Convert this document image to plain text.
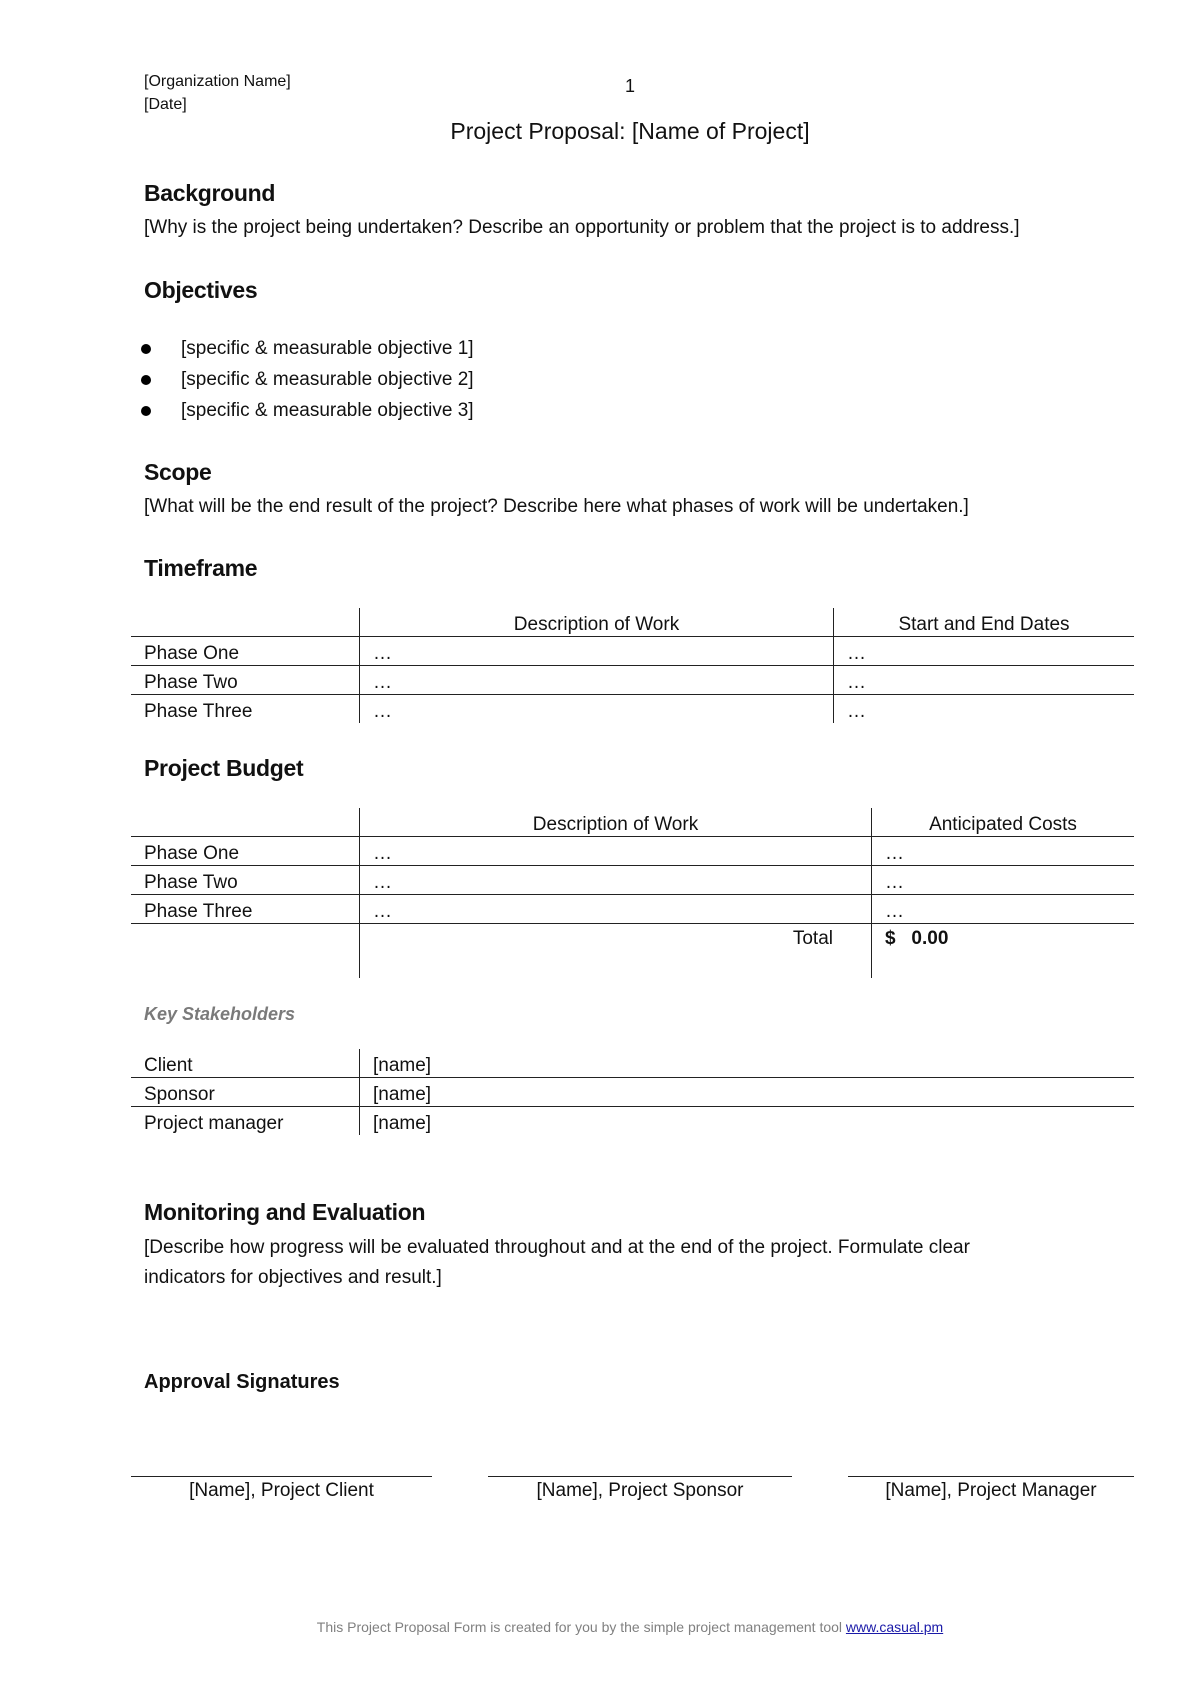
[Organization Name]
[Date]
1
Project Proposal: [Name of Project]
Background
[Why is the project being undertaken? Describe an opportunity or problem that the project is to address.]
Objectives
[specific & measurable objective 1]
[specific & measurable objective 2]
[specific & measurable objective 3]
Scope
[What will be the end result of the project? Describe here what phases of work will be undertaken.]
Timeframe
	Description of Work	Start and End Dates
Phase One	…	…
Phase Two	…	…
Phase Three	…	…
Project Budget
	Description of Work	Anticipated Costs
Phase One	…	…
Phase Two	…	…
Phase Three	…	…
	Total	$ 0.00
Key Stakeholders
Client	[name]
Sponsor	[name]
Project manager	[name]
Monitoring and Evaluation
[Describe how progress will be evaluated throughout and at the end of the project. Formulate clear
indicators for objectives and result.]
Approval Signatures
[Name], Project Client	[Name], Project Sponsor	[Name], Project Manager
This Project Proposal Form is created for you by the simple project management tool www.casual.pm
